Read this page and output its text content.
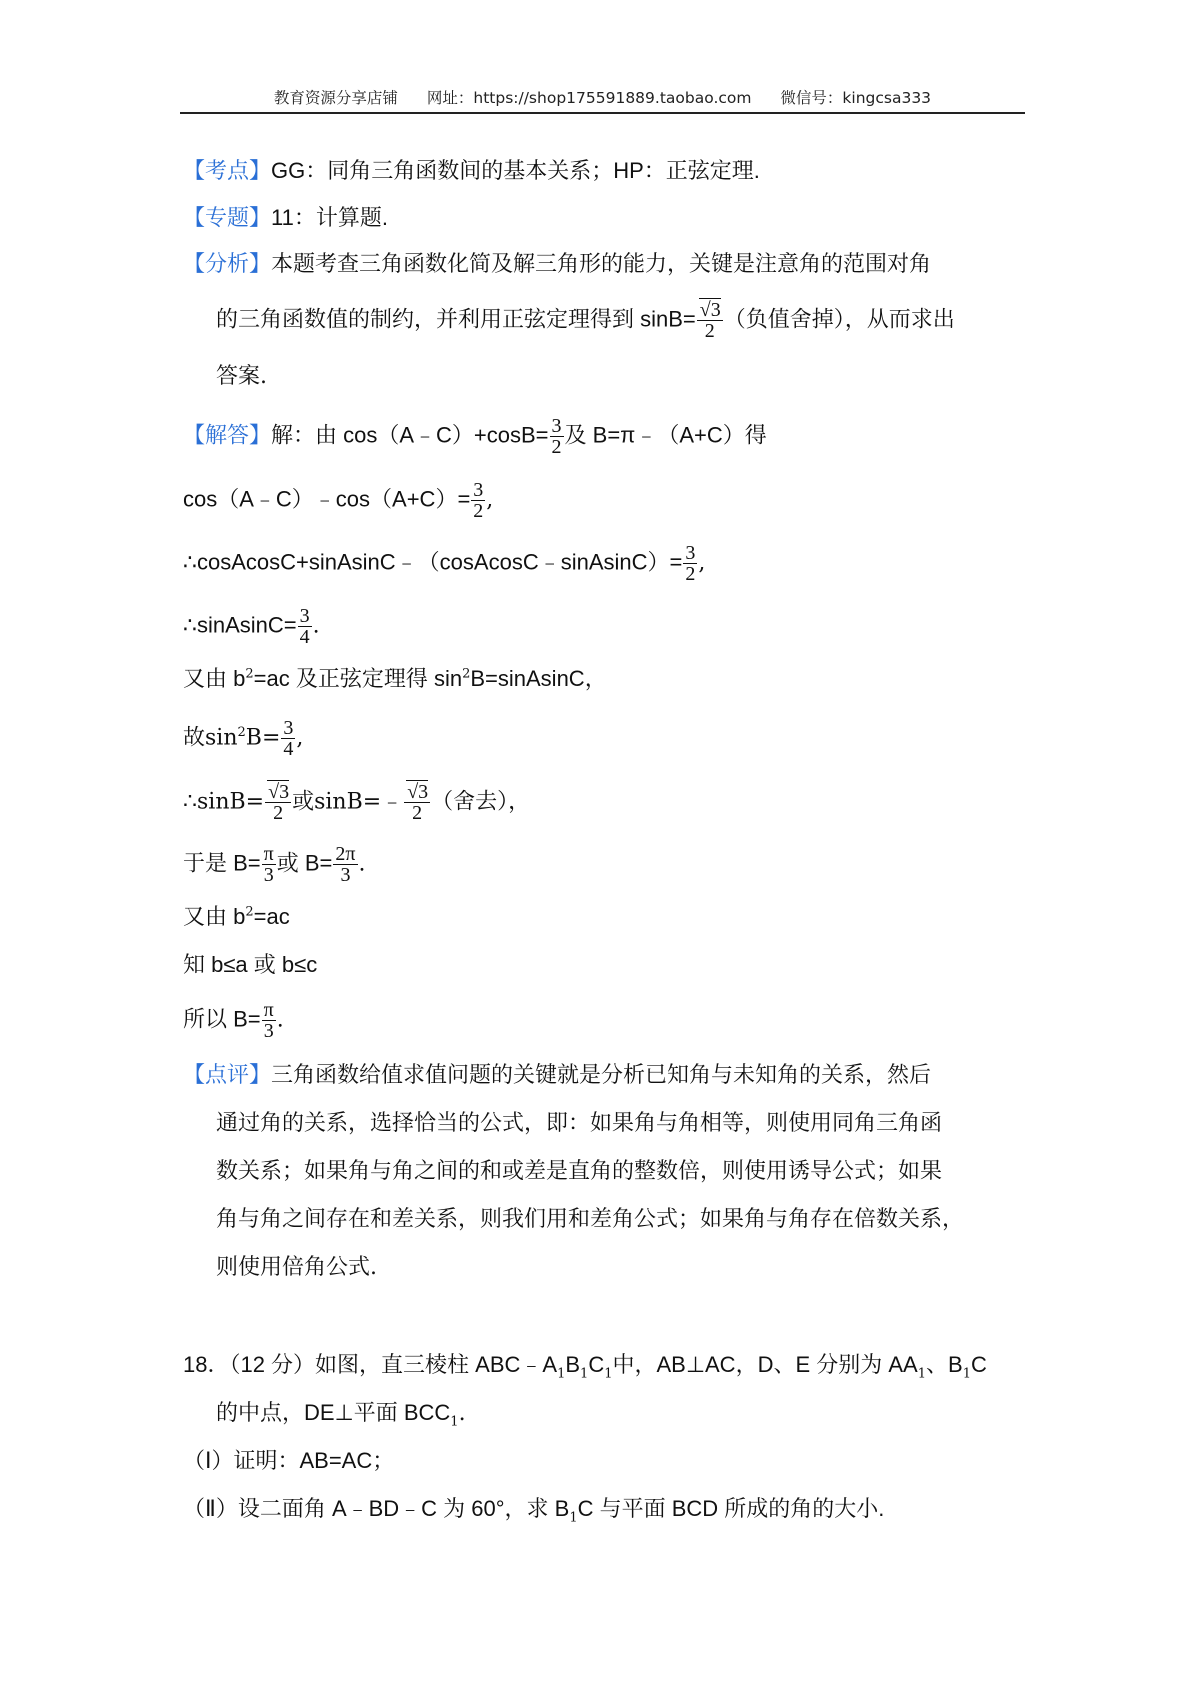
教育资源分享店铺 网址：https://shop175591889.taobao.com 微信号：kingcsa333
【考点】GG：同角三角函数间的基本关系；HP：正弦定理.
【专题】11：计算题.
【分析】本题考查三角函数化简及解三角形的能力，关键是注意角的范围对角
的三角函数值的制约，并利用正弦定理得到 $\sin B= \frac{√3}{2}$ （负值舍掉），从而求出
答案.
【解答】解：由 cos（A﹣C）+cosB= $\frac{3}{2}$ 及 B=π﹣（A+C）得
cos（A﹣C）﹣cos（A+C）= $\frac{3}{2}$ ,
∴cosAcosC+sinAsinC﹣（cosAcosC﹣sinAsinC）= $\frac{3}{2}$ ,
∴sinAsinC= $\frac{3}{4}$ .
又由 $b^2=ac$ 及正弦定理得 $\sin^2B=sinAsinC$，
故$\sin^2B= \frac{3}{4}$ ,
∴sinB= $\frac{√3}{2}$ 或sinB=﹣ $\frac{√3}{2}$ （舍去），
于是 $B= \frac{\pi}{3}$ 或 $B= \frac{2\pi}{3}$ .
又由 $b^2=ac$
知 b≤a 或 b≤c
所以 $B= \frac{\pi}{3}$ .
【点评】三角函数给值求值问题的关键就是分析已知角与未知角的关系，然后
通过角的关系，选择恰当的公式，即：如果角与角相等，则使用同角三角函
数关系；如果角与角之间的和或差是直角的整数倍，则使用诱导公式；如果
角与角之间存在和差关系，则我们用和差角公式；如果角与角存在倍数关系，
则使用倍角公式.
18．（12 分）如图，直三棱柱 $ABC﹣A_1B_1C_1$中，AB⊥AC，D、E 分别为 $AA_1$、$B_1C$
的中点，DE⊥平面 $BCC_1$.
（Ⅰ）证明：AB=AC；
（Ⅱ）设二面角 A﹣BD﹣C 为 60°，求 $B_1C$ 与平面 BCD 所成的角的大小.
